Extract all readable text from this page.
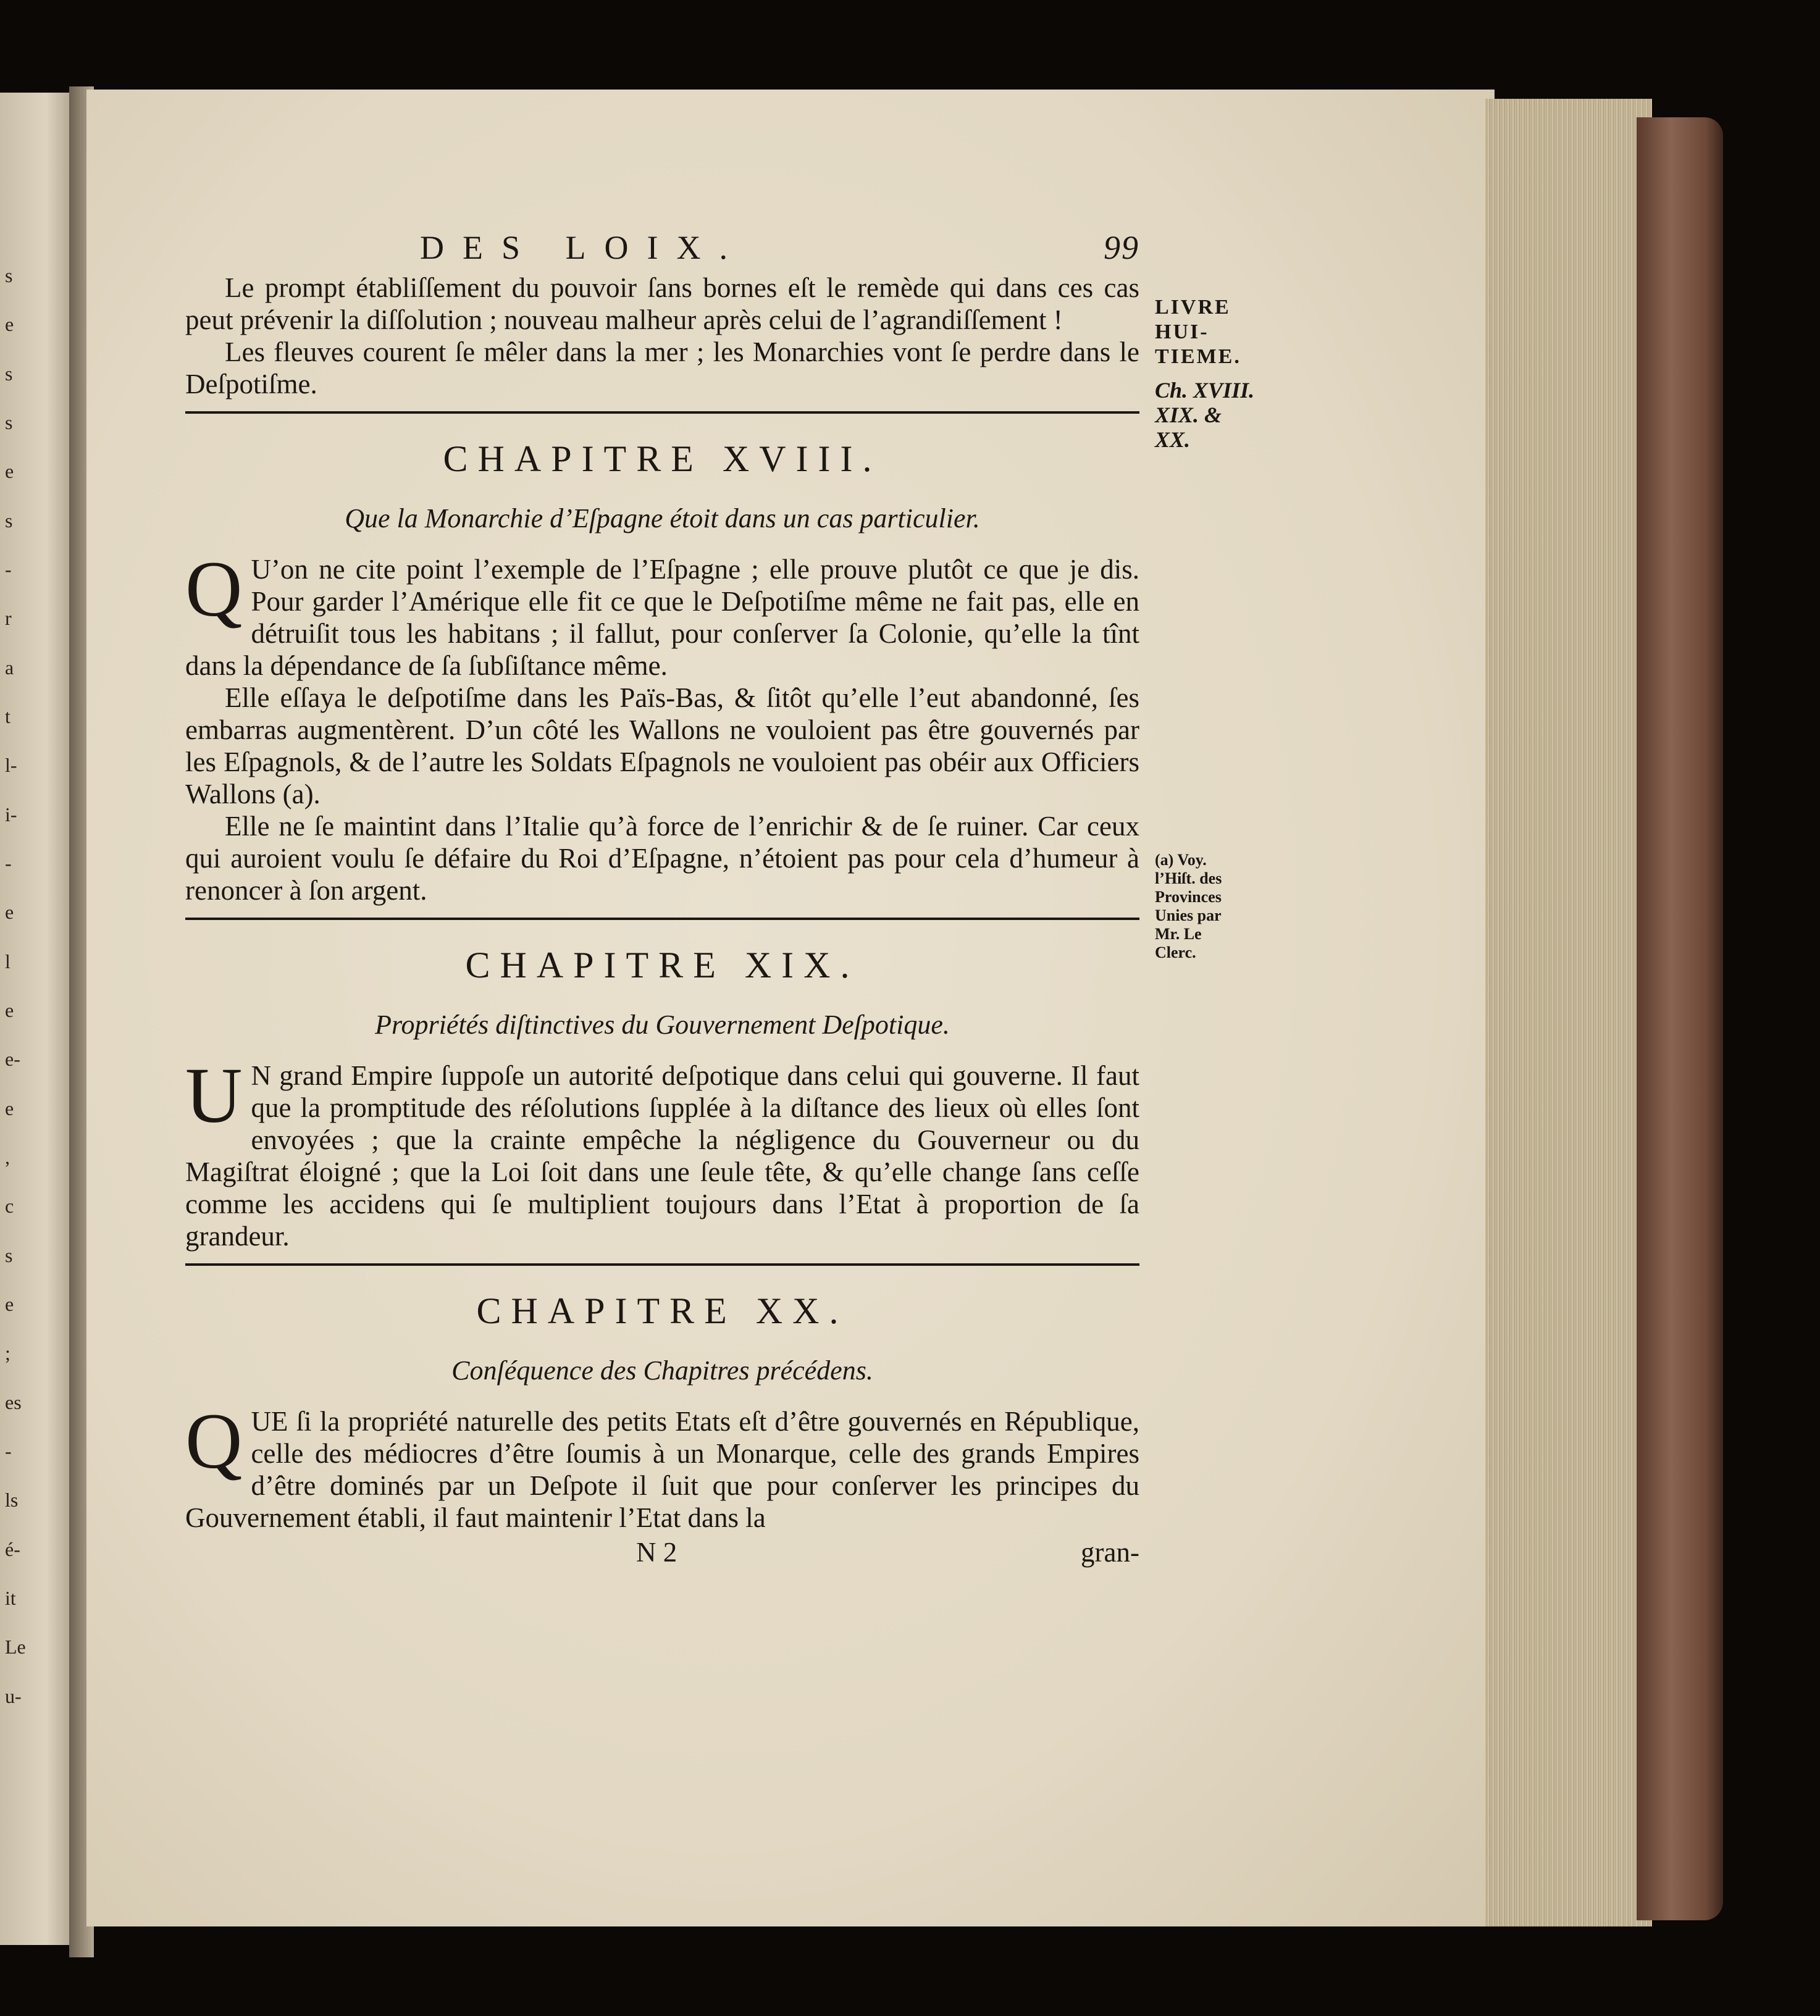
s
e
s
s
e
s
-
r
a
t
l-
i-
-
e
l
e
e-
e
,
c
s
e
;
es
-
ls
é-
it
Le
u-
DES LOIX.	99

Le prompt établiſſement du pouvoir ſans bornes eſt le remède qui dans ces cas peut prévenir la diſſolution ; nouveau malheur après celui de l’agrandiſſement !

Les fleuves courent ſe mêler dans la mer ; les Monarchies vont ſe perdre dans le Deſpotiſme.

CHAPITRE XVIII.
Que la Monarchie d’Eſpagne étoit dans un cas particulier.

Q U’on ne cite point l’exemple de l’Eſpagne ; elle prouve plutôt ce que je dis. Pour garder l’Amérique elle fit ce que le Deſpotiſme même ne fait pas, elle en détruiſit tous les habitans ; il fallut, pour conſerver ſa Colonie, qu’elle la tînt dans la dépendance de ſa ſubſiſtance même.

Elle eſſaya le deſpotiſme dans les Païs-Bas, & ſitôt qu’elle l’eut abandonné, ſes embarras augmentèrent. D’un côté les Wallons ne vouloient pas être gouvernés par les Eſpagnols, & de l’autre les Soldats Eſpagnols ne vouloient pas obéir aux Officiers Wallons (a).

Elle ne ſe maintint dans l’Italie qu’à force de l’enrichir & de ſe ruiner. Car ceux qui auroient voulu ſe défaire du Roi d’Eſpagne, n’étoient pas pour cela d’humeur à renoncer à ſon argent.

CHAPITRE XIX.
Propriétés diſtinctives du Gouvernement Deſpotique.

U N grand Empire ſuppoſe un autorité deſpotique dans celui qui gouverne. Il faut que la promptitude des réſolutions ſupplée à la diſtance des lieux où elles ſont envoyées ; que la crainte empêche la négligence du Gouverneur ou du Magiſtrat éloigné ; que la Loi ſoit dans une ſeule tête, & qu’elle change ſans ceſſe comme les accidens qui ſe multiplient toujours dans l’Etat à proportion de ſa grandeur.

CHAPITRE XX.
Conſéquence des Chapitres précédens.

QUE ſi la propriété naturelle des petits Etats eſt d’être gouvernés en République, celle des médiocres d’être ſoumis à un Monarque, celle des grands Empires d’être dominés par un Deſpote il ſuit que pour conſerver les principes du Gouvernement établi, il faut maintenir l’Etat dans la

N 2	gran-
LIVRE
HUI-
TIEME.
Ch. XVIII.
XIX. &
XX.
(a) Voy.
l’Hiſt. des
Provinces
Unies par
Mr. Le
Clerc.
